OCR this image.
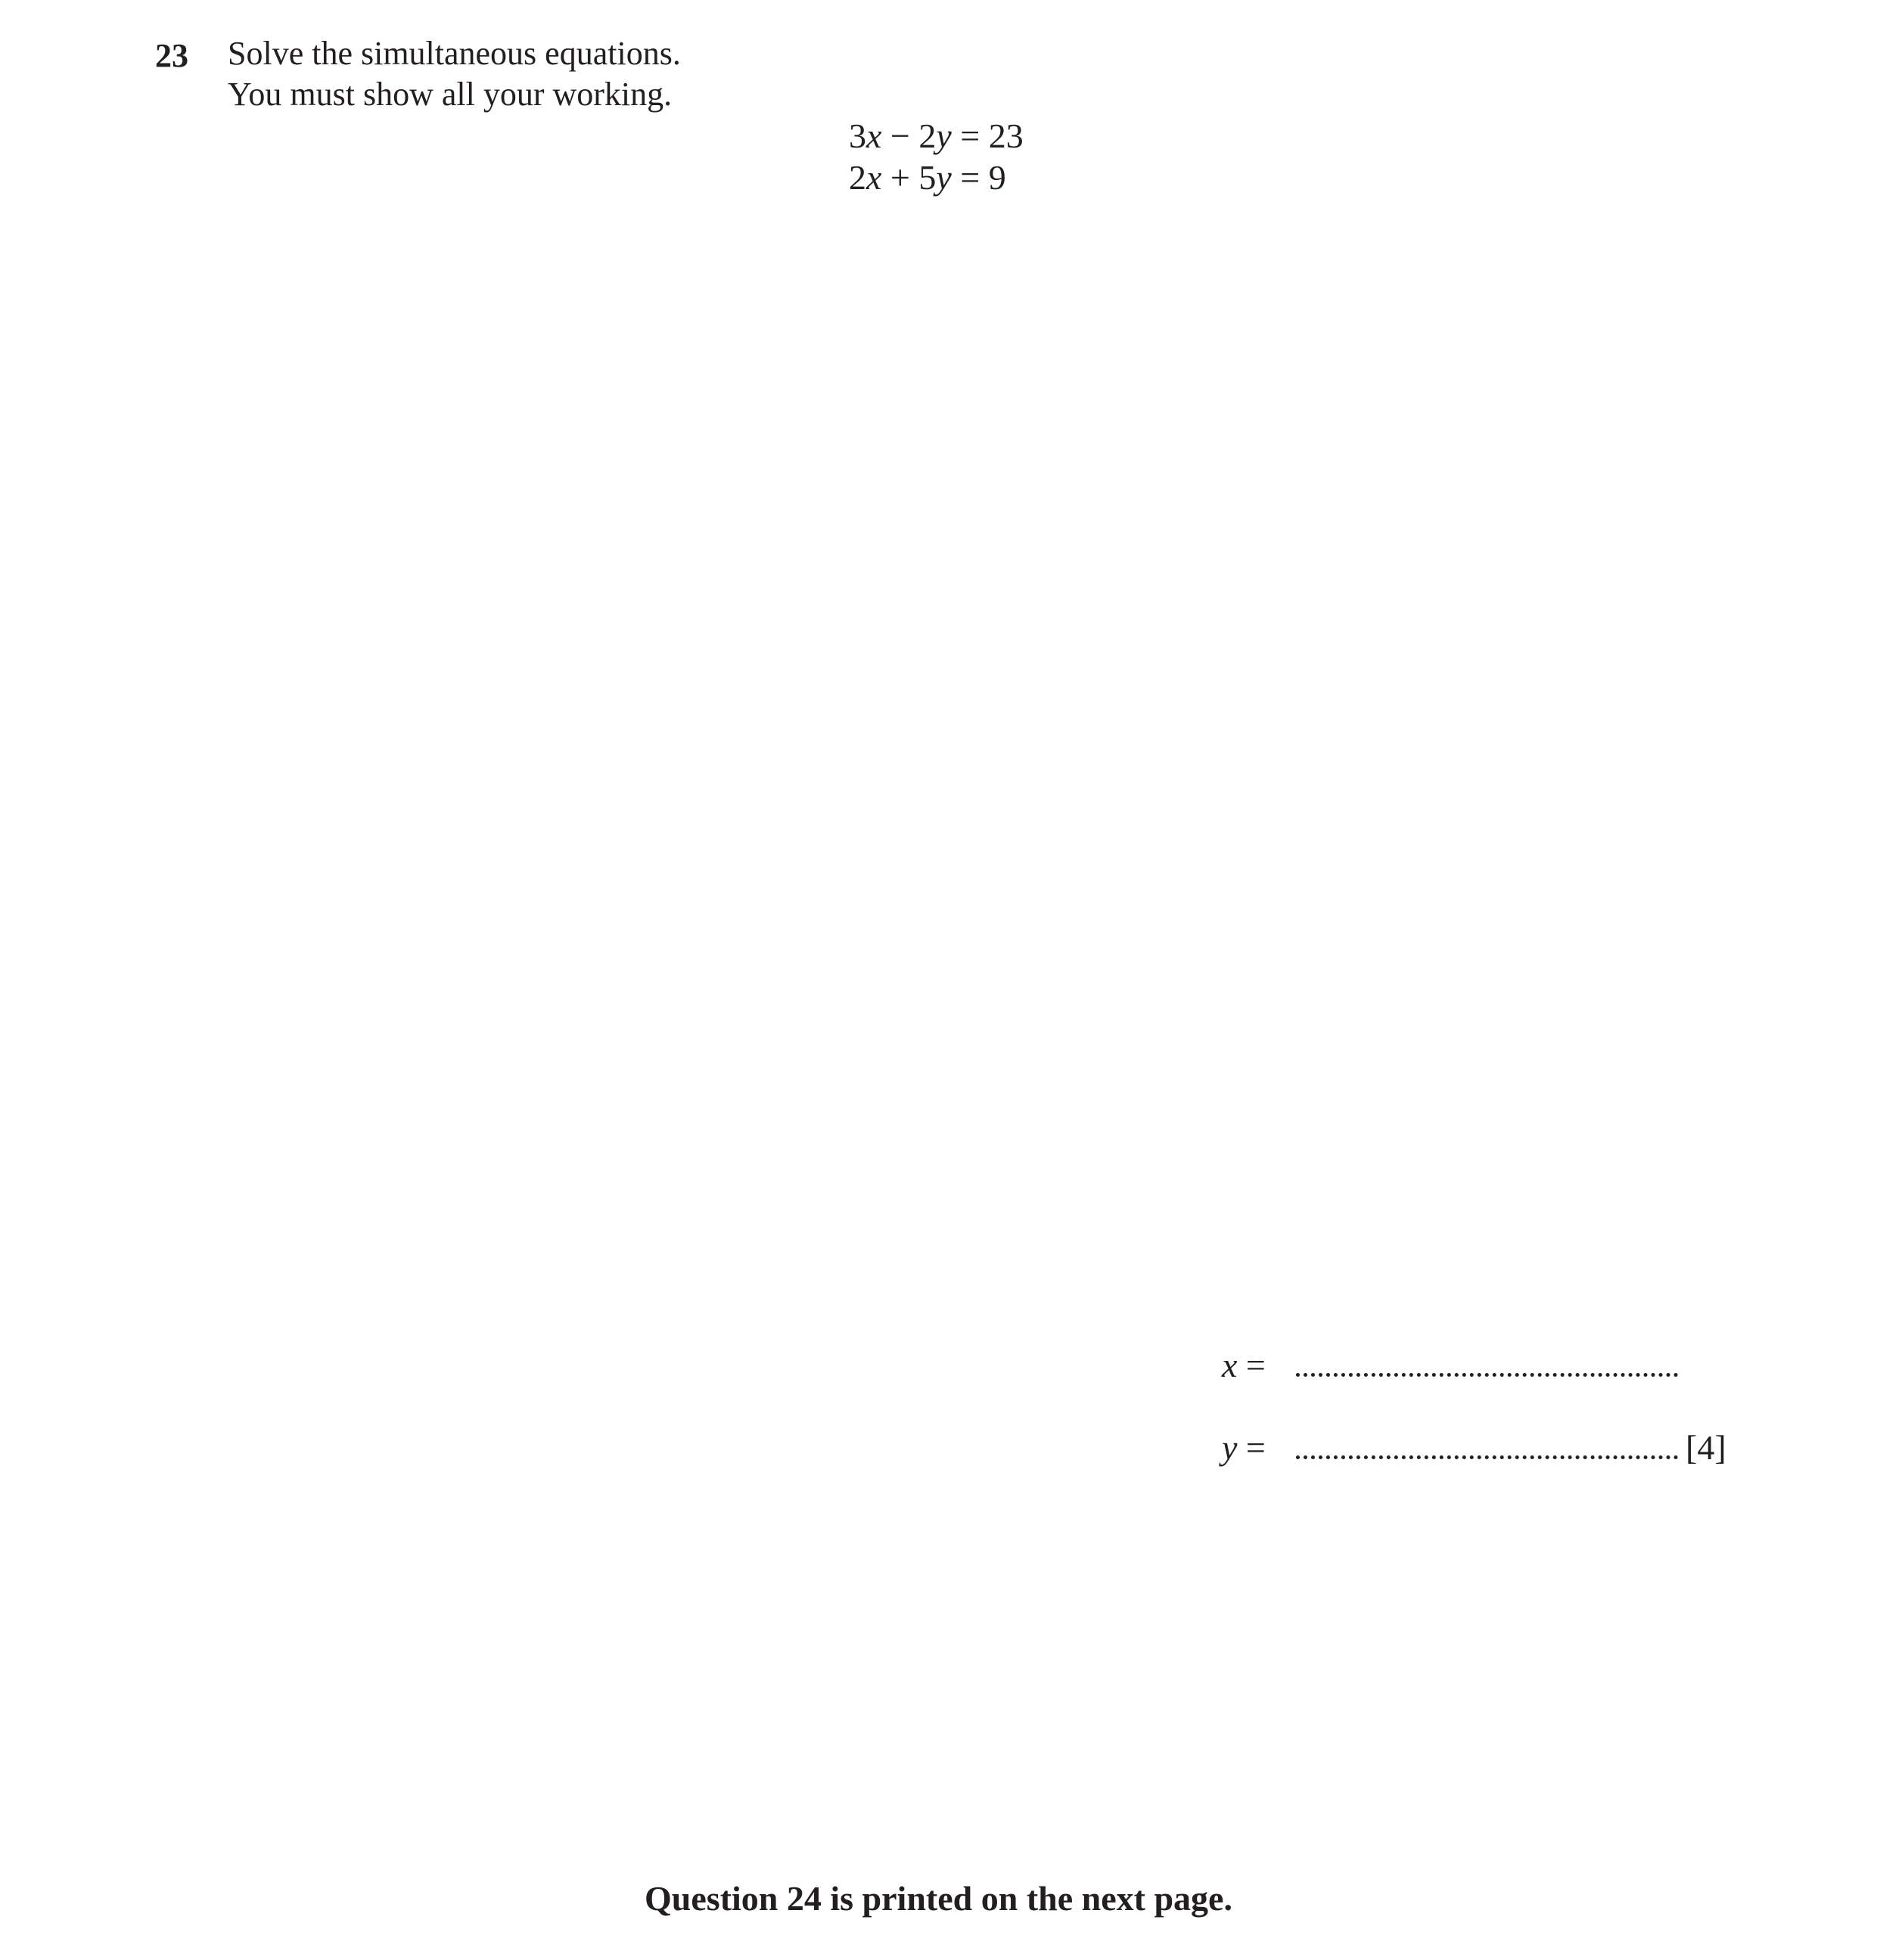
23 Solve the simultaneous equations.
You must show all your working.
3x − 2y = 23
2x + 5y = 9
x =
y =	[4]
Question 24 is printed on the next page.
